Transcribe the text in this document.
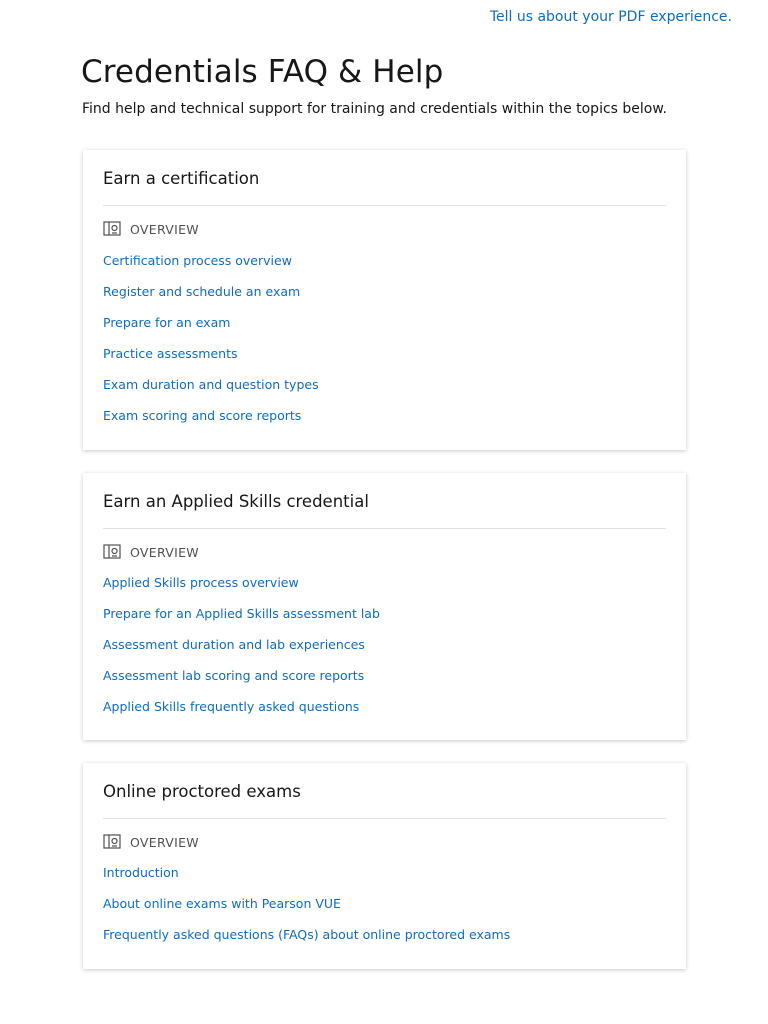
Tell us about your PDF experience.
Credentials FAQ & Help

Find help and technical support for training and credentials within the topics below.

Earn a certification
OVERVIEW
Certification process overview
Register and schedule an exam
Prepare for an exam
Practice assessments
Exam duration and question types
Exam scoring and score reports
Earn an Applied Skills credential
OVERVIEW
Applied Skills process overview
Prepare for an Applied Skills assessment lab
Assessment duration and lab experiences
Assessment lab scoring and score reports
Applied Skills frequently asked questions
Online proctored exams
OVERVIEW
Introduction
About online exams with Pearson VUE
Frequently asked questions (FAQs) about online proctored exams
